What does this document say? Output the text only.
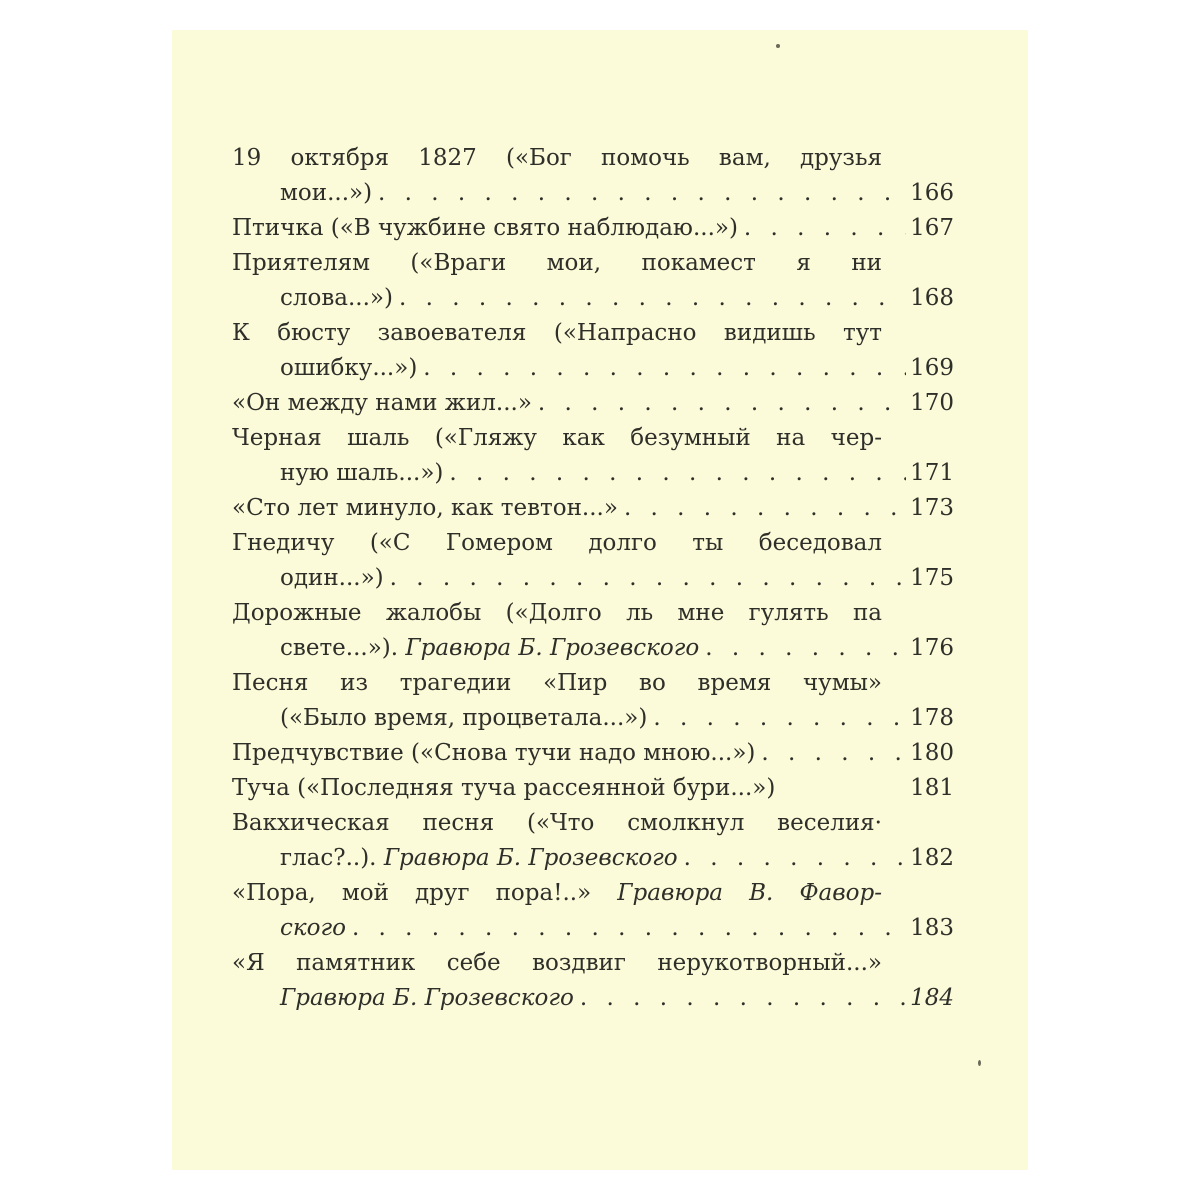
19 октября 1827 («Бог помочь вам, друзья
мои...») . . .	166
Птичка («В чужбине свято наблюдаю...») . . .	167
Приятелям («Враги мои, покамест я ни
слова...») . . .	168
К бюсту завоевателя («Напрасно видишь тут
ошибку...») . . .	169
«Он между нами жил...» . . .	170
Черная шаль («Гляжу как безумный на чер-
ную шаль...») . . .	171
«Сто лет минуло, как тевтон...» . . .	173
Гнедичу («С Гомером долго ты беседовал
один...») . . .	175
Дорожные жалобы («Долго ль мне гулять па
свете...»).
Гравюра Б. Грозевского . . .	176
Песня из трагедии «Пир во время чумы»
(«Было время, процветала...») . . .	178
Предчувствие («Снова тучи надо мною...») . . .	180
Туча («Последняя туча рассеянной бури...»)	181
Вакхическая песня («Что смолкнул веселия·
глас?..).
Гравюра Б. Грозевского . . .	182
«Пора, мой друг пора!..» Гравюра В. Фавор-
ского . . .	183
«Я памятник себе воздвиг нерукотворный...»
Гравюра Б. Грозевского . . .	184
